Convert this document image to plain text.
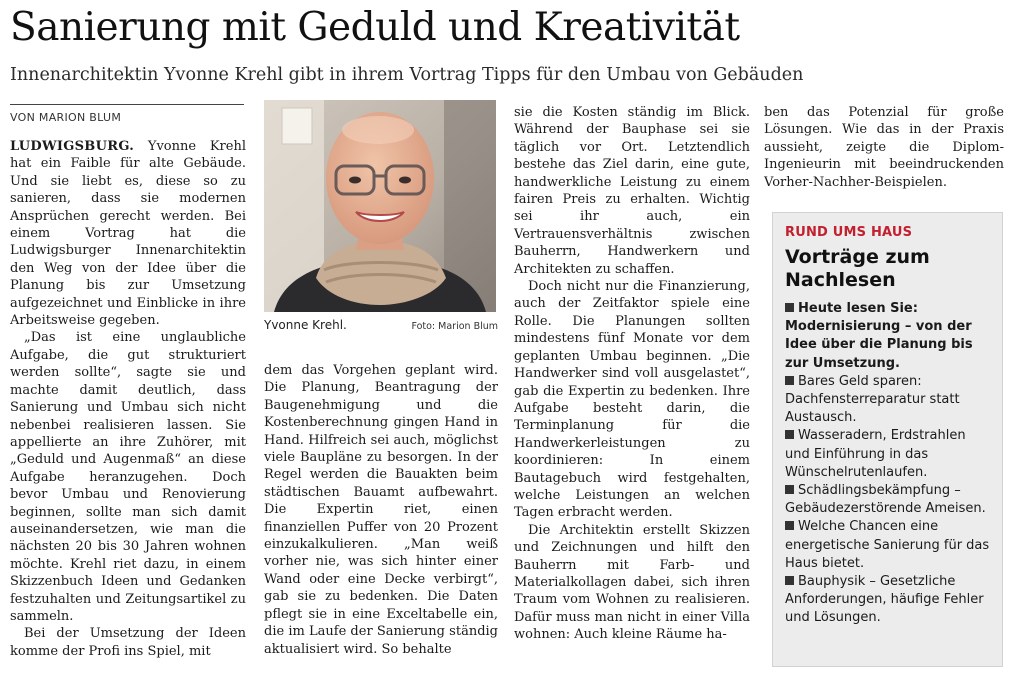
Sanierung mit Geduld und Kreativität
Innenarchitektin Yvonne Krehl gibt in ihrem Vortrag Tipps für den Umbau von Gebäuden
VON MARION BLUM

LUDWIGSBURG. Yvonne Krehl hat ein Faible für alte Gebäude. Und sie liebt es, diese so zu sanieren, dass sie modernen Ansprüchen gerecht werden. Bei einem Vortrag hat die Ludwigsburger Innenarchitektin den Weg von der Idee über die Planung bis zur Umsetzung aufgezeichnet und Einblicke in ihre Arbeitsweise gegeben.

„Das ist eine unglaubliche Aufgabe, die gut strukturiert werden sollte“, sagte sie und machte damit deutlich, dass Sanierung und Umbau sich nicht nebenbei realisieren lassen. Sie appellierte an ihre Zuhörer, mit „Geduld und Augenmaß“ an diese Aufgabe heranzugehen. Doch bevor Umbau und Renovierung beginnen, sollte man sich damit auseinandersetzen, wie man die nächsten 20 bis 30 Jahren wohnen möchte. Krehl riet dazu, in einem Skizzenbuch Ideen und Gedanken festzuhalten und Zeitungsartikel zu sammeln.

Bei der Umsetzung der Ideen komme der Profi ins Spiel, mit

Yvonne Krehl.	Foto: Marion Blum

dem das Vorgehen geplant wird. Die Planung, Beantragung der Baugenehmigung und die Kostenberechnung gingen Hand in Hand. Hilfreich sei auch, möglichst viele Baupläne zu besorgen. In der Regel werden die Bauakten beim städtischen Bauamt aufbewahrt. Die Expertin riet, einen finanziellen Puffer von 20 Prozent einzukalkulieren. „Man weiß vorher nie, was sich hinter einer Wand oder eine Decke verbirgt“, gab sie zu bedenken. Die Daten pflegt sie in eine Exceltabelle ein, die im Laufe der Sanierung ständig aktualisiert wird. So behalte

sie die Kosten ständig im Blick. Während der Bauphase sei sie täglich vor Ort. Letztendlich bestehe das Ziel darin, eine gute, handwerkliche Leistung zu einem fairen Preis zu erhalten. Wichtig sei ihr auch, ein Vertrauensverhältnis zwischen Bauherrn, Handwerkern und Architekten zu schaffen.

Doch nicht nur die Finanzierung, auch der Zeitfaktor spiele eine Rolle. Die Planungen sollten mindestens fünf Monate vor dem geplanten Umbau beginnen. „Die Handwerker sind voll ausgelastet“, gab die Expertin zu bedenken. Ihre Aufgabe besteht darin, die Terminplanung für die Handwerkerleistungen zu koordinieren: In einem Bautagebuch wird festgehalten, welche Leistungen an welchen Tagen erbracht werden.

Die Architektin erstellt Skizzen und Zeichnungen und hilft den Bauherrn mit Farb- und Materialkollagen dabei, sich ihren Traum vom Wohnen zu realisieren. Dafür muss man nicht in einer Villa wohnen: Auch kleine Räume ha-

ben das Potenzial für große Lösungen. Wie das in der Praxis aussieht, zeigte die Diplom-Ingenieurin mit beeindruckenden Vorher-Nachher-Beispielen.

RUND UMS HAUS
Vorträge zum Nachlesen
Heute lesen Sie: Modernisierung – von der Idee über die Planung bis zur Umsetzung.
Bares Geld sparen: Dachfensterreparatur statt Austausch.
Wasseradern, Erdstrahlen und Einführung in das Wünschelrutenlaufen.
Schädlingsbekämpfung – Gebäudezerstörende Ameisen.
Welche Chancen eine energetische Sanierung für das Haus bietet.
Bauphysik – Gesetzliche Anforderungen, häufige Fehler und Lösungen.
